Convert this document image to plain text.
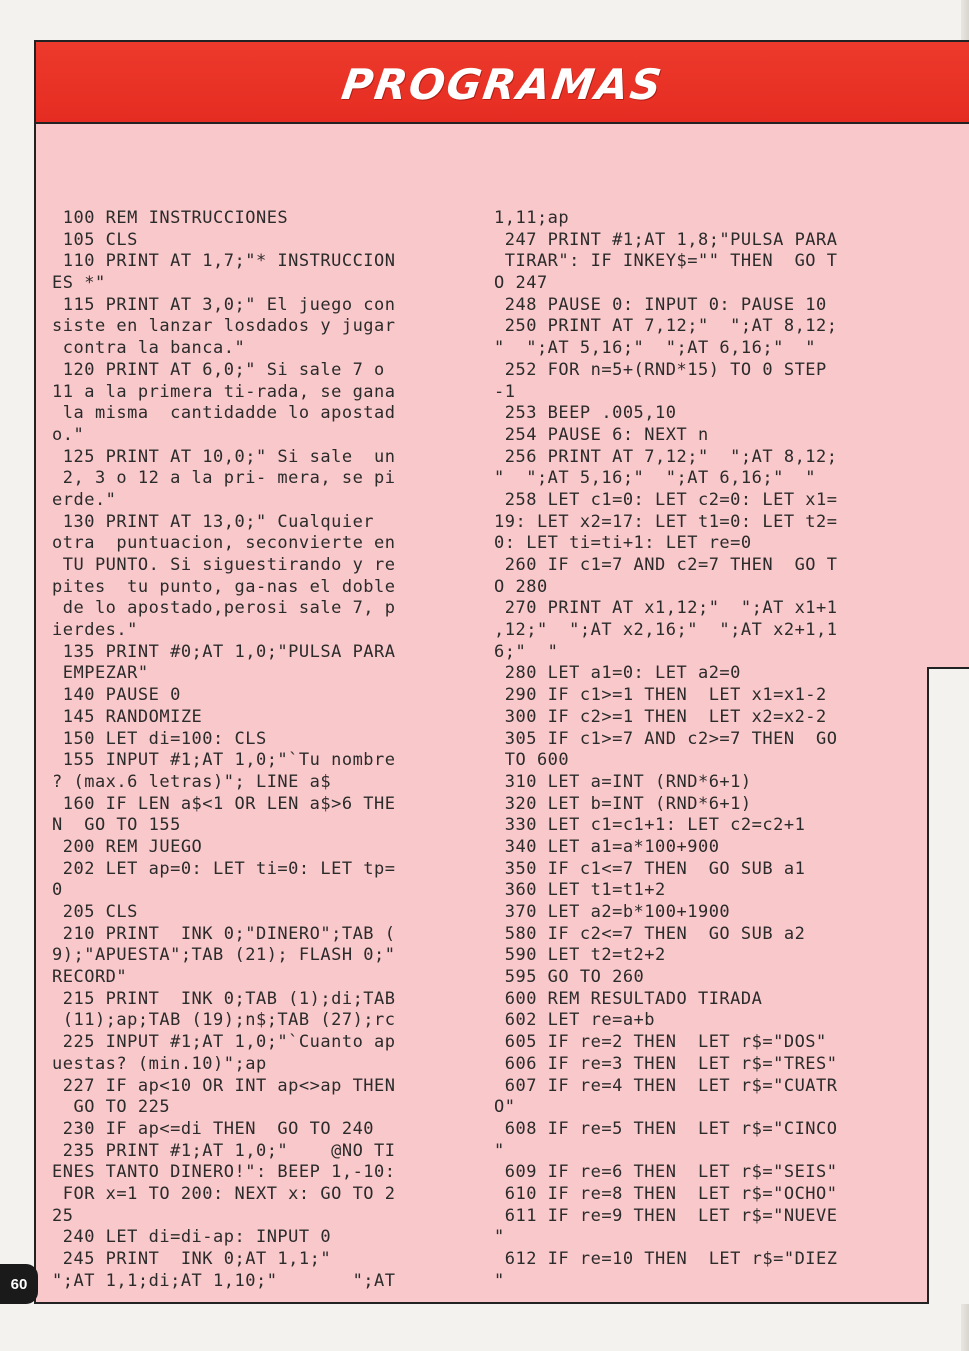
PROGRAMAS
100 REM INSTRUCCIONES
105 CLS
110 PRINT AT 1,7;"* INSTRUCCION
ES *"
115 PRINT AT 3,0;" El juego con
siste en lanzar losdados y jugar
contra la banca."
120 PRINT AT 6,0;" Si sale 7 o
11 a la primera ti-rada, se gana
la misma  cantidadde lo apostad
o."
125 PRINT AT 10,0;" Si sale  un
2, 3 o 12 a la pri- mera, se pi
erde."
130 PRINT AT 13,0;" Cualquier
otra  puntuacion, seconvierte en
TU PUNTO. Si siguestirando y re
pites  tu punto, ga-nas el doble
de lo apostado,perosi sale 7, p
ierdes."
135 PRINT #0;AT 1,0;"PULSA PARA
EMPEZAR"
140 PAUSE 0
145 RANDOMIZE
150 LET di=100: CLS
155 INPUT #1;AT 1,0;"`Tu nombre
? (max.6 letras)"; LINE a$
160 IF LEN a$<1 OR LEN a$>6 THE
N  GO TO 155
200 REM JUEGO
202 LET ap=0: LET ti=0: LET tp=
0
205 CLS
210 PRINT  INK 0;"DINERO";TAB (
9);"APUESTA";TAB (21); FLASH 0;"
RECORD"
215 PRINT  INK 0;TAB (1);di;TAB
(11);ap;TAB (19);n$;TAB (27);rc
225 INPUT #1;AT 1,0;"`Cuanto ap
uestas? (min.10)";ap
227 IF ap<10 OR INT ap<>ap THEN
GO TO 225
230 IF ap<=di THEN  GO TO 240
235 PRINT #1;AT 1,0;"    @NO TI
ENES TANTO DINERO!": BEEP 1,-10:
FOR x=1 TO 200: NEXT x: GO TO 2
25
240 LET di=di-ap: INPUT 0
245 PRINT  INK 0;AT 1,1;"
";AT 1,1;di;AT 1,10;"       ";AT
1,11;ap
247 PRINT #1;AT 1,8;"PULSA PARA
TIRAR": IF INKEY$="" THEN  GO T
O 247
248 PAUSE 0: INPUT 0: PAUSE 10
250 PRINT AT 7,12;"  ";AT 8,12;
"  ";AT 5,16;"  ";AT 6,16;"  "
252 FOR n=5+(RND*15) TO 0 STEP
-1
253 BEEP .005,10
254 PAUSE 6: NEXT n
256 PRINT AT 7,12;"  ";AT 8,12;
"  ";AT 5,16;"  ";AT 6,16;"  "
258 LET c1=0: LET c2=0: LET x1=
19: LET x2=17: LET t1=0: LET t2=
0: LET ti=ti+1: LET re=0
260 IF c1=7 AND c2=7 THEN  GO T
O 280
270 PRINT AT x1,12;"  ";AT x1+1
,12;"  ";AT x2,16;"  ";AT x2+1,1
6;"  "
280 LET a1=0: LET a2=0
290 IF c1>=1 THEN  LET x1=x1-2
300 IF c2>=1 THEN  LET x2=x2-2
305 IF c1>=7 AND c2>=7 THEN  GO
TO 600
310 LET a=INT (RND*6+1)
320 LET b=INT (RND*6+1)
330 LET c1=c1+1: LET c2=c2+1
340 LET a1=a*100+900
350 IF c1<=7 THEN  GO SUB a1
360 LET t1=t1+2
370 LET a2=b*100+1900
580 IF c2<=7 THEN  GO SUB a2
590 LET t2=t2+2
595 GO TO 260
600 REM RESULTADO TIRADA
602 LET re=a+b
605 IF re=2 THEN  LET r$="DOS"
606 IF re=3 THEN  LET r$="TRES"
607 IF re=4 THEN  LET r$="CUATR
O"
608 IF re=5 THEN  LET r$="CINCO
"
609 IF re=6 THEN  LET r$="SEIS"
610 IF re=8 THEN  LET r$="OCHO"
611 IF re=9 THEN  LET r$="NUEVE
"
612 IF re=10 THEN  LET r$="DIEZ
"
60
